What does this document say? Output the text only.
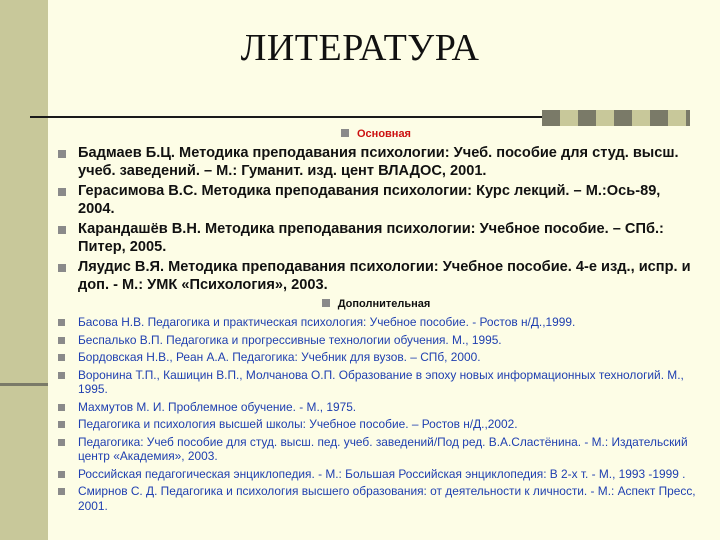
ЛИТЕРАТУРА
Основная
Бадмаев Б.Ц. Методика преподавания психологии: Учеб. пособие для студ. высш. учеб. заведений. – М.: Гуманит. изд. цент ВЛАДОС, 2001.
Герасимова В.С. Методика преподавания психологии: Курс лекций. – М.:Ось-89, 2004.
Карандашёв В.Н. Методика преподавания психологии: Учебное пособие. – СПб.: Питер, 2005.
Ляудис В.Я. Методика преподавания психологии: Учебное пособие. 4-е изд., испр. и доп. - М.: УМК «Психология», 2003.
Дополнительная
Басова Н.В. Педагогика и практическая психология: Учебное пособие. - Ростов н/Д.,1999.
Беспалько В.П. Педагогика и прогрессивные технологии обучения. М., 1995.
Бордовская Н.В., Реан А.А. Педагогика: Учебник для вузов. – СПб, 2000.
Воронина Т.П., Кашицин В.П., Молчанова О.П. Образование в эпоху новых информационных технологий. М., 1995.
Махмутов М. И. Проблемное обучение. - М., 1975.
Педагогика и психология высшей школы: Учебное пособие. – Ростов н/Д.,2002.
Педагогика: Учеб пособие для студ. высш. пед. учеб. заведений/Под ред. В.А.Сластёнина. - М.: Издательский центр «Академия», 2003.
Российская педагогическая энциклопедия. - М.: Большая Российская энциклопедия: В 2-х т. - М., 1993 -1999 .
Смирнов С. Д. Педагогика и психология высшего образования: от деятельности к личности. - М.: Аспект Пресс, 2001.
